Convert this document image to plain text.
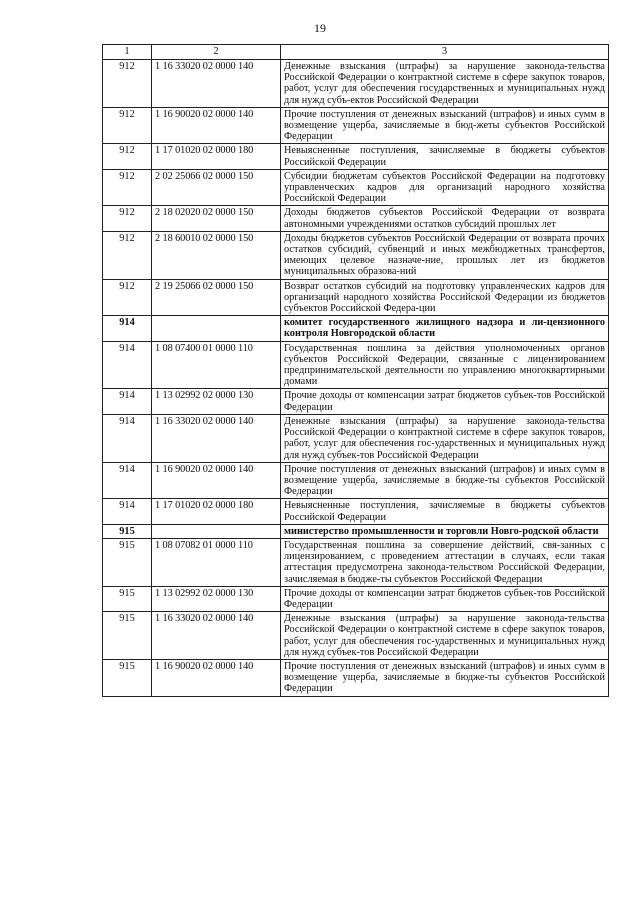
19
1	2	3
912	1 16 33020 02 0000 140	Денежные взыскания (штрафы) за нарушение законода-тельства Российской Федерации о контрактной системе в сфере закупок товаров, работ, услуг для обеспечения государственных и муниципальных нужд для нужд субъ-ектов Российской Федерации
912	1 16 90020 02 0000 140	Прочие поступления от денежных взысканий (штрафов) и иных сумм в возмещение ущерба, зачисляемые в бюд-жеты субъектов Российской Федерации
912	1 17 01020 02 0000 180	Невыясненные поступления, зачисляемые в бюджеты субъектов Российской Федерации
912	2 02 25066 02 0000 150	Субсидии бюджетам субъектов Российской Федерации на подготовку управленческих кадров для организаций народного хозяйства Российской Федерации
912	2 18 02020 02 0000 150	Доходы бюджетов субъектов Российской Федерации от возврата автономными учреждениями остатков субсидий прошлых лет
912	2 18 60010 02 0000 150	Доходы бюджетов субъектов Российской Федерации от возврата прочих остатков субсидий, субвенций и иных межбюджетных трансфертов, имеющих целевое назначе-ние, прошлых лет из бюджетов муниципальных образова-ний
912	2 19 25066 02 0000 150	Возврат остатков субсидий на подготовку управленческих кадров для организаций народного хозяйства Российской Федерации из бюджетов субъектов Российской Федера-ции
914		комитет государственного жилищного надзора и ли-цензионного контроля Новгородской области
914	1 08 07400 01 0000 110	Государственная пошлина за действия уполномоченных органов субъектов Российской Федерации, связанные с лицензированием предпринимательской деятельности по управлению многоквартирными домами
914	1 13 02992 02 0000 130	Прочие доходы от компенсации затрат бюджетов субъек-тов Российской Федерации
914	1 16 33020 02 0000 140	Денежные взыскания (штрафы) за нарушение законода-тельства Российской Федерации о контрактной системе в сфере закупок товаров, работ, услуг для обеспечения гос-ударственных и муниципальных нужд для нужд субъек-тов Российской Федерации
914	1 16 90020 02 0000 140	Прочие поступления от денежных взысканий (штрафов) и иных сумм в возмещение ущерба, зачисляемые в бюдже-ты субъектов Российской Федерации
914	1 17 01020 02 0000 180	Невыясненные поступления, зачисляемые в бюджеты субъектов Российской Федерации
915		министерство промышленности и торговли Новго-родской области
915	1 08 07082 01 0000 110	Государственная пошлина за совершение действий, свя-занных с лицензированием, с проведением аттестации в случаях, если такая аттестация предусмотрена законода-тельством Российской Федерации, зачисляемая в бюдже-ты субъектов Российской Федерации
915	1 13 02992 02 0000 130	Прочие доходы от компенсации затрат бюджетов субъек-тов Российской Федерации
915	1 16 33020 02 0000 140	Денежные взыскания (штрафы) за нарушение законода-тельства Российской Федерации о контрактной системе в сфере закупок товаров, работ, услуг для обеспечения гос-ударственных и муниципальных нужд для нужд субъек-тов Российской Федерации
915	1 16 90020 02 0000 140	Прочие поступления от денежных взысканий (штрафов) и иных сумм в возмещение ущерба, зачисляемые в бюдже-ты субъектов Российской Федерации
